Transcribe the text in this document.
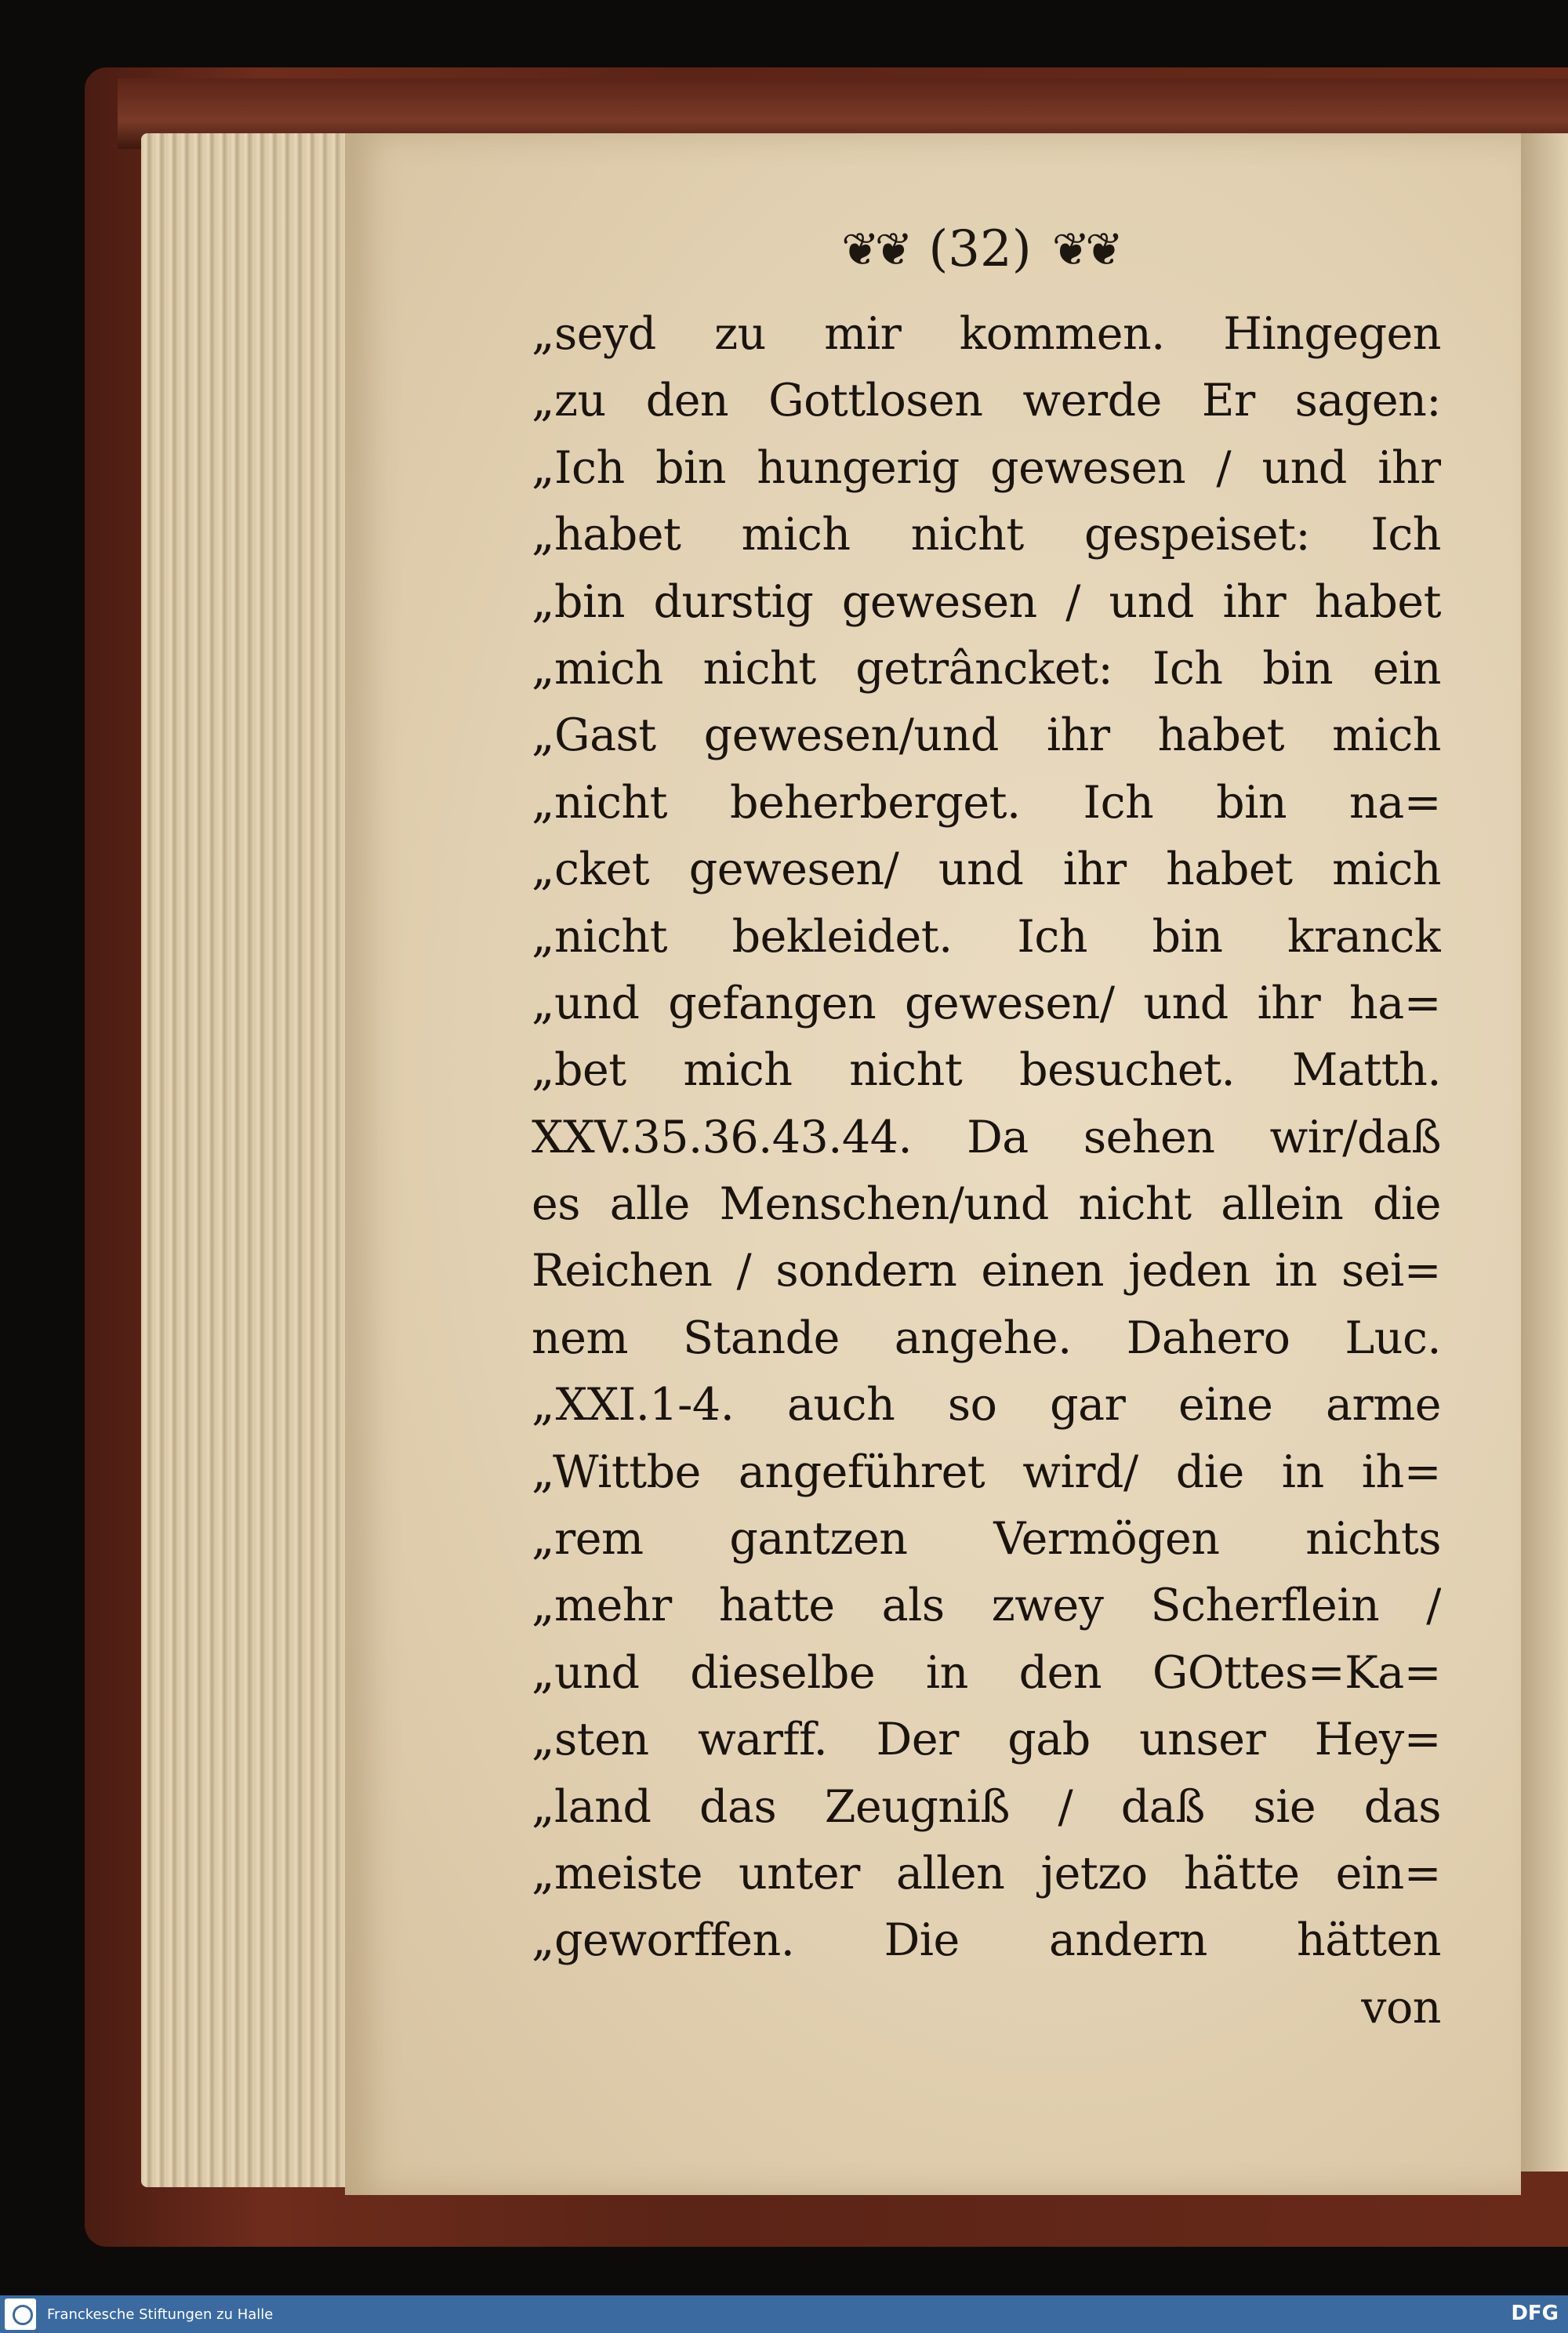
❦❦ (32) ❦❦
„seyd zu mir kommen. Hingegen
„zu den Gottlosen werde Er sagen:
„Ich bin hungerig gewesen / und ihr
„habet mich nicht gespeiset: Ich
„bin durstig gewesen / und ihr habet
„mich nicht getrâncket: Ich bin ein
„Gast gewesen/und ihr habet mich
„nicht beherberget. Ich bin na=
„cket gewesen/ und ihr habet mich
„nicht bekleidet. Ich bin kranck
„und gefangen gewesen/ und ihr ha=
„bet mich nicht besuchet. Matth.
XXV.35.36.43.44. Da sehen wir/daß
es alle Menschen/und nicht allein die
Reichen / sondern einen jeden in sei=
nem Stande angehe. Dahero Luc.
„XXI.1-4. auch so gar eine arme
„Wittbe angeführet wird/ die in ih=
„rem gantzen Vermögen nichts
„mehr hatte als zwey Scherflein /
„und dieselbe in den GOttes=Ka=
„sten warff. Der gab unser Hey=
„land das Zeugniß / daß sie das
„meiste unter allen jetzo hätte ein=
„geworffen. Die andern hätten
von
Franckesche Stiftungen zu Halle	DFG
